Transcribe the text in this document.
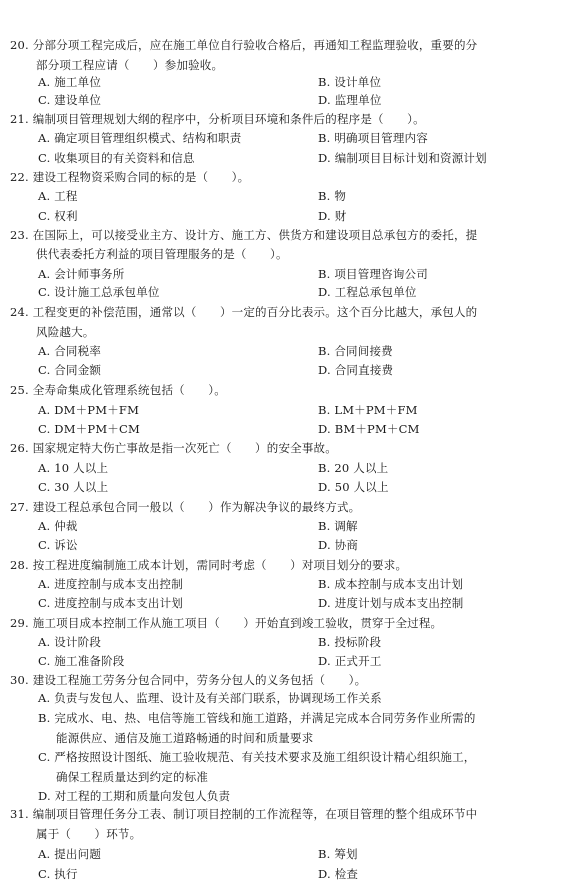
20. 分部分项工程完成后，应在施工单位自行验收合格后，再通知工程监理验收，重要的分
部分项工程应请（　　）参加验收。
A. 施工单位	B. 设计单位
C. 建设单位	D. 监理单位
21. 编制项目管理规划大纲的程序中，分析项目环境和条件后的程序是（　　）。
A. 确定项目管理组织模式、结构和职责	B. 明确项目管理内容
C. 收集项目的有关资料和信息	D. 编制项目目标计划和资源计划
22. 建设工程物资采购合同的标的是（　　）。
A. 工程	B. 物
C. 权利	D. 财
23. 在国际上，可以接受业主方、设计方、施工方、供货方和建设项目总承包方的委托，提
供代表委托方利益的项目管理服务的是（　　）。
A. 会计师事务所	B. 项目管理咨询公司
C. 设计施工总承包单位	D. 工程总承包单位
24. 工程变更的补偿范围，通常以（　　）一定的百分比表示。这个百分比越大，承包人的
风险越大。
A. 合同税率	B. 合同间接费
C. 合同金额	D. 合同直接费
25. 全寿命集成化管理系统包括（　　）。
A. DM＋PM＋FM	B. LM＋PM＋FM
C. DM＋PM＋CM	D. BM＋PM＋CM
26. 国家规定特大伤亡事故是指一次死亡（　　）的安全事故。
A. 10 人以上	B. 20 人以上
C. 30 人以上	D. 50 人以上
27. 建设工程总承包合同一般以（　　）作为解决争议的最终方式。
A. 仲裁	B. 调解
C. 诉讼	D. 协商
28. 按工程进度编制施工成本计划，需同时考虑（　　）对项目划分的要求。
A. 进度控制与成本支出控制	B. 成本控制与成本支出计划
C. 进度控制与成本支出计划	D. 进度计划与成本支出控制
29. 施工项目成本控制工作从施工项目（　　）开始直到竣工验收，贯穿于全过程。
A. 设计阶段	B. 投标阶段
C. 施工准备阶段	D. 正式开工
30. 建设工程施工劳务分包合同中，劳务分包人的义务包括（　　）。
A. 负责与发包人、监理、设计及有关部门联系，协调现场工作关系
B. 完成水、电、热、电信等施工管线和施工道路，并满足完成本合同劳务作业所需的
能源供应、通信及施工道路畅通的时间和质量要求
C. 严格按照设计图纸、施工验收规范、有关技术要求及施工组织设计精心组织施工，
确保工程质量达到约定的标准
D. 对工程的工期和质量向发包人负责
31. 编制项目管理任务分工表、制订项目控制的工作流程等，在项目管理的整个组成环节中
属于（　　）环节。
A. 提出问题	B. 筹划
C. 执行	D. 检查
